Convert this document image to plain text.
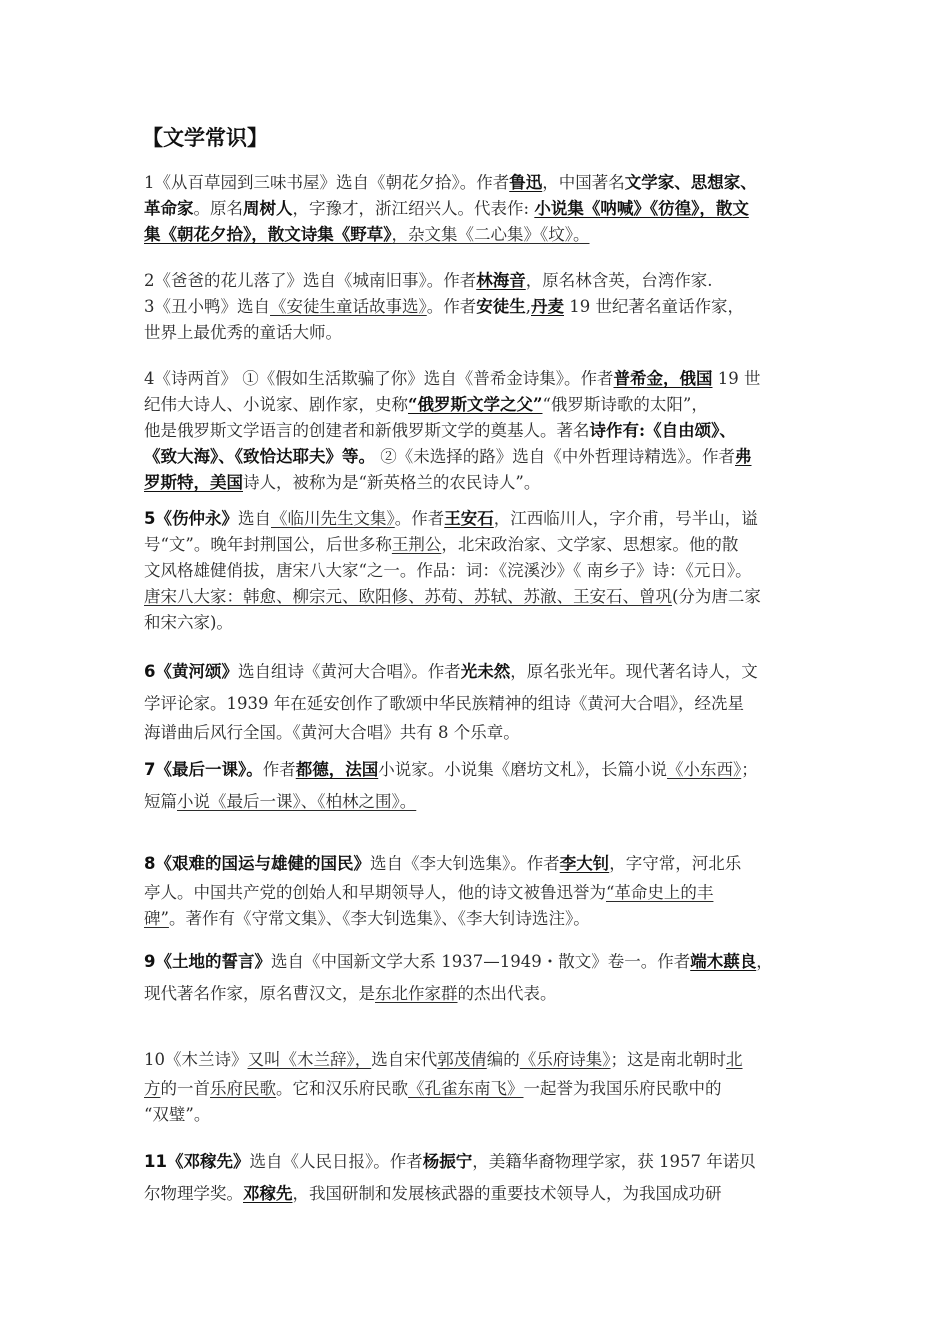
【文学常识】
1《从百草园到三味书屋》选自《朝花夕拾》。作者鲁迅，中国著名文学家、思想家、
革命家。原名周树人，字豫才，浙江绍兴人。代表作: 小说集《呐喊》《彷徨》，散文
集《朝花夕拾》，散文诗集《野草》，杂文集《二心集》《坟》。
2《爸爸的花儿落了》选自《城南旧事》。作者林海音，原名林含英，台湾作家.
3《丑小鸭》选自《安徒生童话故事选》。作者安徒生,丹麦 19 世纪著名童话作家，
世界上最优秀的童话大师。
4《诗两首》 ①《假如生活欺骗了你》选自《普希金诗集》。作者普希金，俄国 19 世
纪伟大诗人、小说家、剧作家，史称“俄罗斯文学之父”“俄罗斯诗歌的太阳”，
他是俄罗斯文学语言的创建者和新俄罗斯文学的奠基人。著名诗作有:《自由颂》、
《致大海》、《致恰达耶夫》等。 ②《未选择的路》选自《中外哲理诗精选》。作者弗
罗斯特，美国诗人，被称为是“新英格兰的农民诗人”。
5《伤仲永》选自《临川先生文集》。作者王安石，江西临川人，字介甫，号半山，谥
号“文”。晚年封荆国公，后世多称王荆公，北宋政治家、文学家、思想家。他的散
文风格雄健俏拔，唐宋八大家“之一。作品：词：《浣溪沙》《 南乡子》诗：《元日》。
唐宋八大家：韩愈、柳宗元、欧阳修、苏荀、苏轼、苏澈、王安石、曾巩(分为唐二家
和宋六家)。
6《黄河颂》选自组诗《黄河大合唱》。作者光未然，原名张光年。现代著名诗人，文
学评论家。1939 年在延安创作了歌颂中华民族精神的组诗《黄河大合唱》，经冼星
海谱曲后风行全国。《黄河大合唱》共有 8 个乐章。
7《最后一课》。作者都德，法国小说家。小说集《磨坊文札》，长篇小说《小东西》；
短篇小说《最后一课》、《柏林之围》。
8《艰难的国运与雄健的国民》选自《李大钊选集》。作者李大钊，字守常，河北乐
亭人。中国共产党的创始人和早期领导人，他的诗文被鲁迅誉为“革命史上的丰
碑”。著作有《守常文集》、《李大钊选集》、《李大钊诗选注》。
9《土地的誓言》选自《中国新文学大系 1937—1949・散文》卷一。作者端木蕻良，
现代著名作家，原名曹汉文，是东北作家群的杰出代表。
10《木兰诗》又叫《木兰辞》，选自宋代郭茂倩编的《乐府诗集》；这是南北朝时北
方的一首乐府民歌。它和汉乐府民歌《孔雀东南飞》一起誉为我国乐府民歌中的
“双璧”。
11《邓稼先》选自《人民日报》。作者杨振宁，美籍华裔物理学家，获 1957 年诺贝
尔物理学奖。邓稼先，我国研制和发展核武器的重要技术领导人，为我国成功研
